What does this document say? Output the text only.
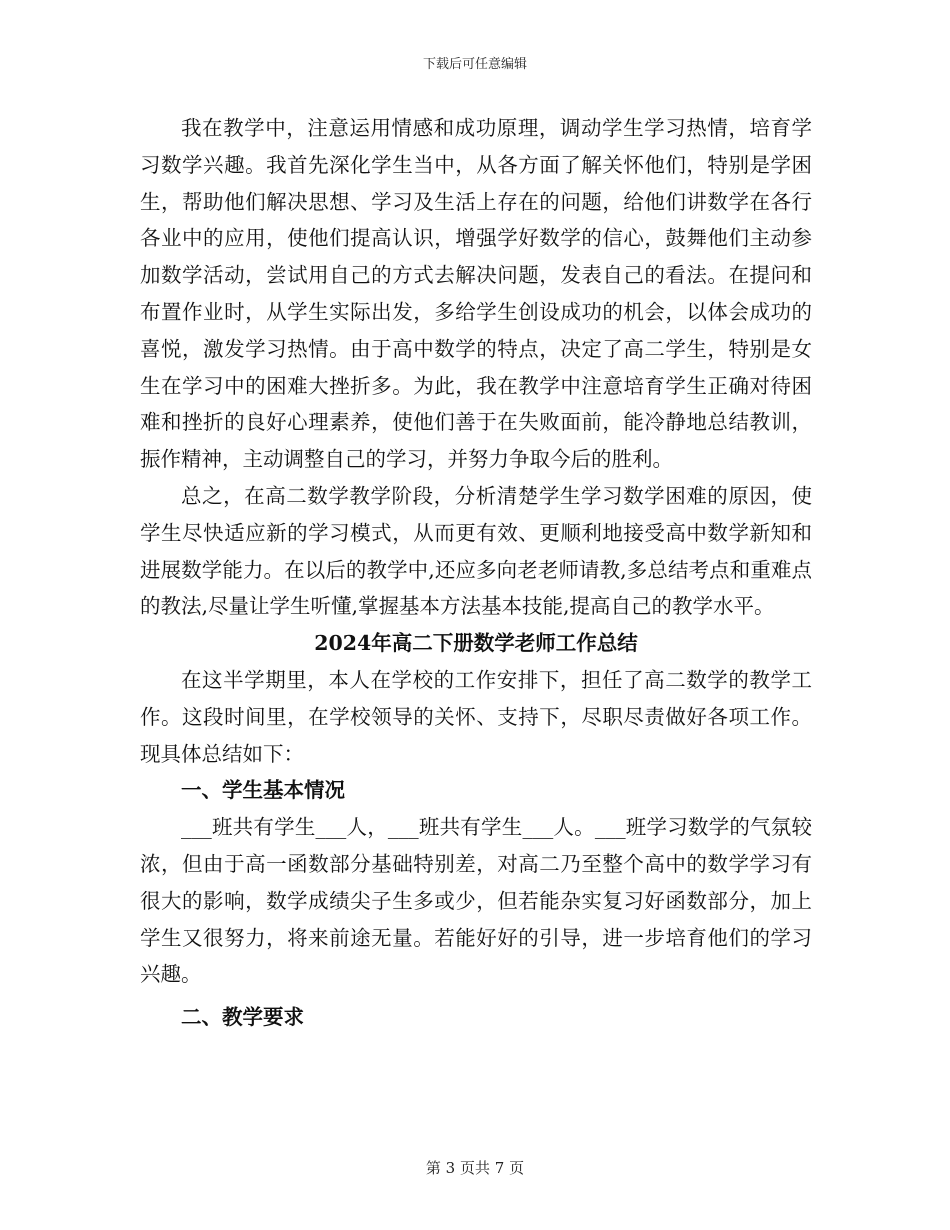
下载后可任意编辑

我在教学中，注意运用情感和成功原理，调动学生学习热情，培育学习数学兴趣。我首先深化学生当中，从各方面了解关怀他们，特别是学困生，帮助他们解决思想、学习及生活上存在的问题，给他们讲数学在各行各业中的应用，使他们提高认识，增强学好数学的信心，鼓舞他们主动参加数学活动，尝试用自己的方式去解决问题，发表自己的看法。在提问和布置作业时，从学生实际出发，多给学生创设成功的机会，以体会成功的喜悦，激发学习热情。由于高中数学的特点，决定了高二学生，特别是女生在学习中的困难大挫折多。为此，我在教学中注意培育学生正确对待困难和挫折的良好心理素养，使他们善于在失败面前，能冷静地总结教训，振作精神，主动调整自己的学习，并努力争取今后的胜利。

总之，在高二数学教学阶段，分析清楚学生学习数学困难的原因，使学生尽快适应新的学习模式，从而更有效、更顺利地接受高中数学新知和进展数学能力。在以后的教学中,还应多向老老师请教,多总结考点和重难点的教法,尽量让学生听懂,掌握基本方法基本技能,提高自己的教学水平。

2024年高二下册数学老师工作总结

在这半学期里，本人在学校的工作安排下，担任了高二数学的教学工作。这段时间里，在学校领导的关怀、支持下，尽职尽责做好各项工作。现具体总结如下：

一、学生基本情况

___班共有学生___人，___班共有学生___人。___班学习数学的气氛较浓，但由于高一函数部分基础特别差，对高二乃至整个高中的数学学习有很大的影响，数学成绩尖子生多或少，但若能杂实复习好函数部分，加上学生又很努力，将来前途无量。若能好好的引导，进一步培育他们的学习兴趣。

二、教学要求

第 3 页共 7 页
